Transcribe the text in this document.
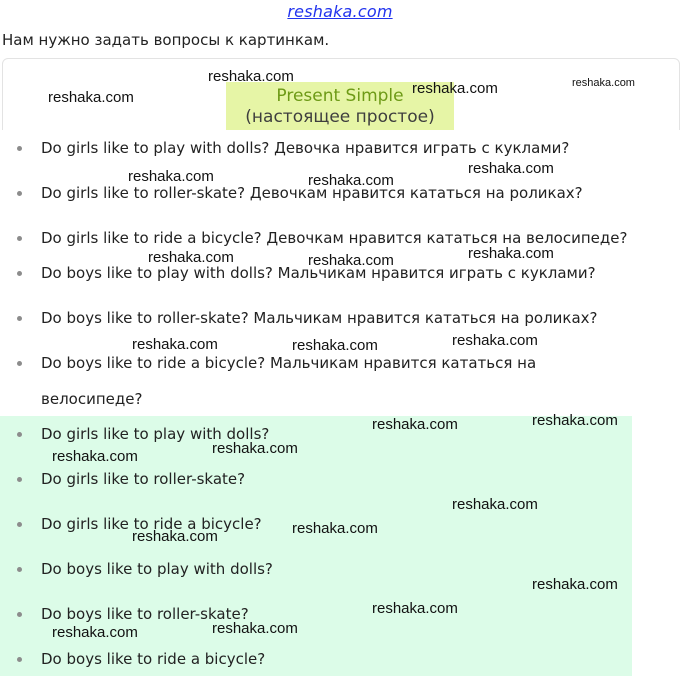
reshaka.com
Нам нужно задать вопросы к картинкам.
Present Simple
(настоящее простое)
Do girls like to play with dolls? Девочка нравится играть с куклами?
Do girls like to roller-skate? Девочкам нравится кататься на роликах?
Do girls like to ride a bicycle? Девочкам нравится кататься на велосипеде?
Do boys like to play with dolls? Мальчикам нравится играть с куклами?
Do boys like to roller-skate? Мальчикам нравится кататься на роликах?
Do boys like to ride a bicycle? Мальчикам нравится кататься на
велосипеде?
Do girls like to play with dolls?
Do girls like to roller-skate?
Do girls like to ride a bicycle?
Do boys like to play with dolls?
Do boys like to roller-skate?
Do boys like to ride a bicycle?
reshaka.com
reshaka.com
reshaka.com	reshaka.com
reshaka.com
reshaka.com	reshaka.com
reshaka.com
reshaka.com	reshaka.com
reshaka.com
reshaka.com	reshaka.com
reshaka.com
reshaka.com
reshaka.com
reshaka.com
reshaka.com
reshaka.com
reshaka.com
reshaka.com
reshaka.com
reshaka.com
reshaka.com
